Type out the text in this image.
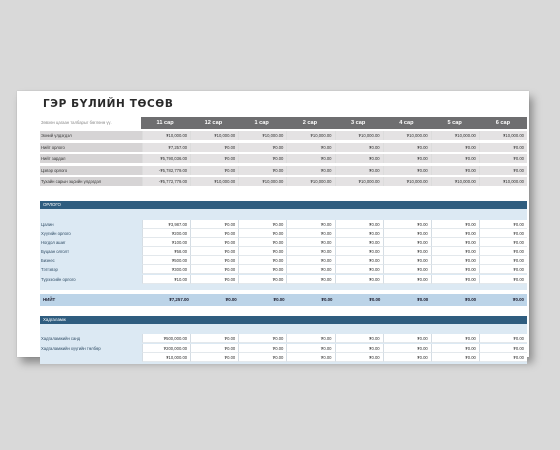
ГЭР БҮЛИЙН ТӨСӨВ
Зөвхөн цагаан талбарыг бөглөнө үү.	11 сар	12 сар	1 сар	2 сар	3 сар	4 сар	5 сар	6 сар
ОРЛОГО
НИЙТ	₮7,257.00	₮0.00	₮0.00	₮0.00	₮0.00	₮0.00	₮0.00	₮0.00
Хадгаламж
Эхний үлдэгдэл	₮10,000.00	₮10,000.00	₮10,000.00	₮10,000.00	₮10,000.00	₮10,000.00	₮10,000.00	₮10,000.00
Нийт орлого	₮7,257.00	₮0.00	₮0.00	₮0.00	₮0.00	₮0.00	₮0.00	₮0.00
Нийт зардал	₮5,790,036.00	₮0.00	₮0.00	₮0.00	₮0.00	₮0.00	₮0.00	₮0.00
Цэвэр орлого	-₮5,782,779.00	₮0.00	₮0.00	₮0.00	₮0.00	₮0.00	₮0.00	₮0.00
Тухайн сарын эцсийн үлдэгдэл	-₮5,772,779.00	₮10,000.00	₮10,000.00	₮10,000.00	₮10,000.00	₮10,000.00	₮10,000.00	₮10,000.00
Цалин	₮3,987.00	₮0.00	₮0.00	₮0.00	₮0.00	₮0.00	₮0.00	₮0.00
Хүүгийн орлого	₮200.00	₮0.00	₮0.00	₮0.00	₮0.00	₮0.00	₮0.00	₮0.00
Ногдол ашиг	₮100.00	₮0.00	₮0.00	₮0.00	₮0.00	₮0.00	₮0.00	₮0.00
Буцаан олголт	₮58.00	₮0.00	₮0.00	₮0.00	₮0.00	₮0.00	₮0.00	₮0.00
Бизнес	₮500.00	₮0.00	₮0.00	₮0.00	₮0.00	₮0.00	₮0.00	₮0.00
Тэтгэвэр	₮300.00	₮0.00	₮0.00	₮0.00	₮0.00	₮0.00	₮0.00	₮0.00
Түрээсийн орлого	₮10.00	₮0.00	₮0.00	₮0.00	₮0.00	₮0.00	₮0.00	₮0.00
Хадгаламжийн санд	₮500,000.00	₮0.00	₮0.00	₮0.00	₮0.00	₮0.00	₮0.00	₮0.00
Хадгаламжийн хүүгийн төлбөр	₮200,000.00	₮0.00	₮0.00	₮0.00	₮0.00	₮0.00	₮0.00	₮0.00
₮10,000.00	₮0.00	₮0.00	₮0.00	₮0.00	₮0.00	₮0.00	₮0.00
